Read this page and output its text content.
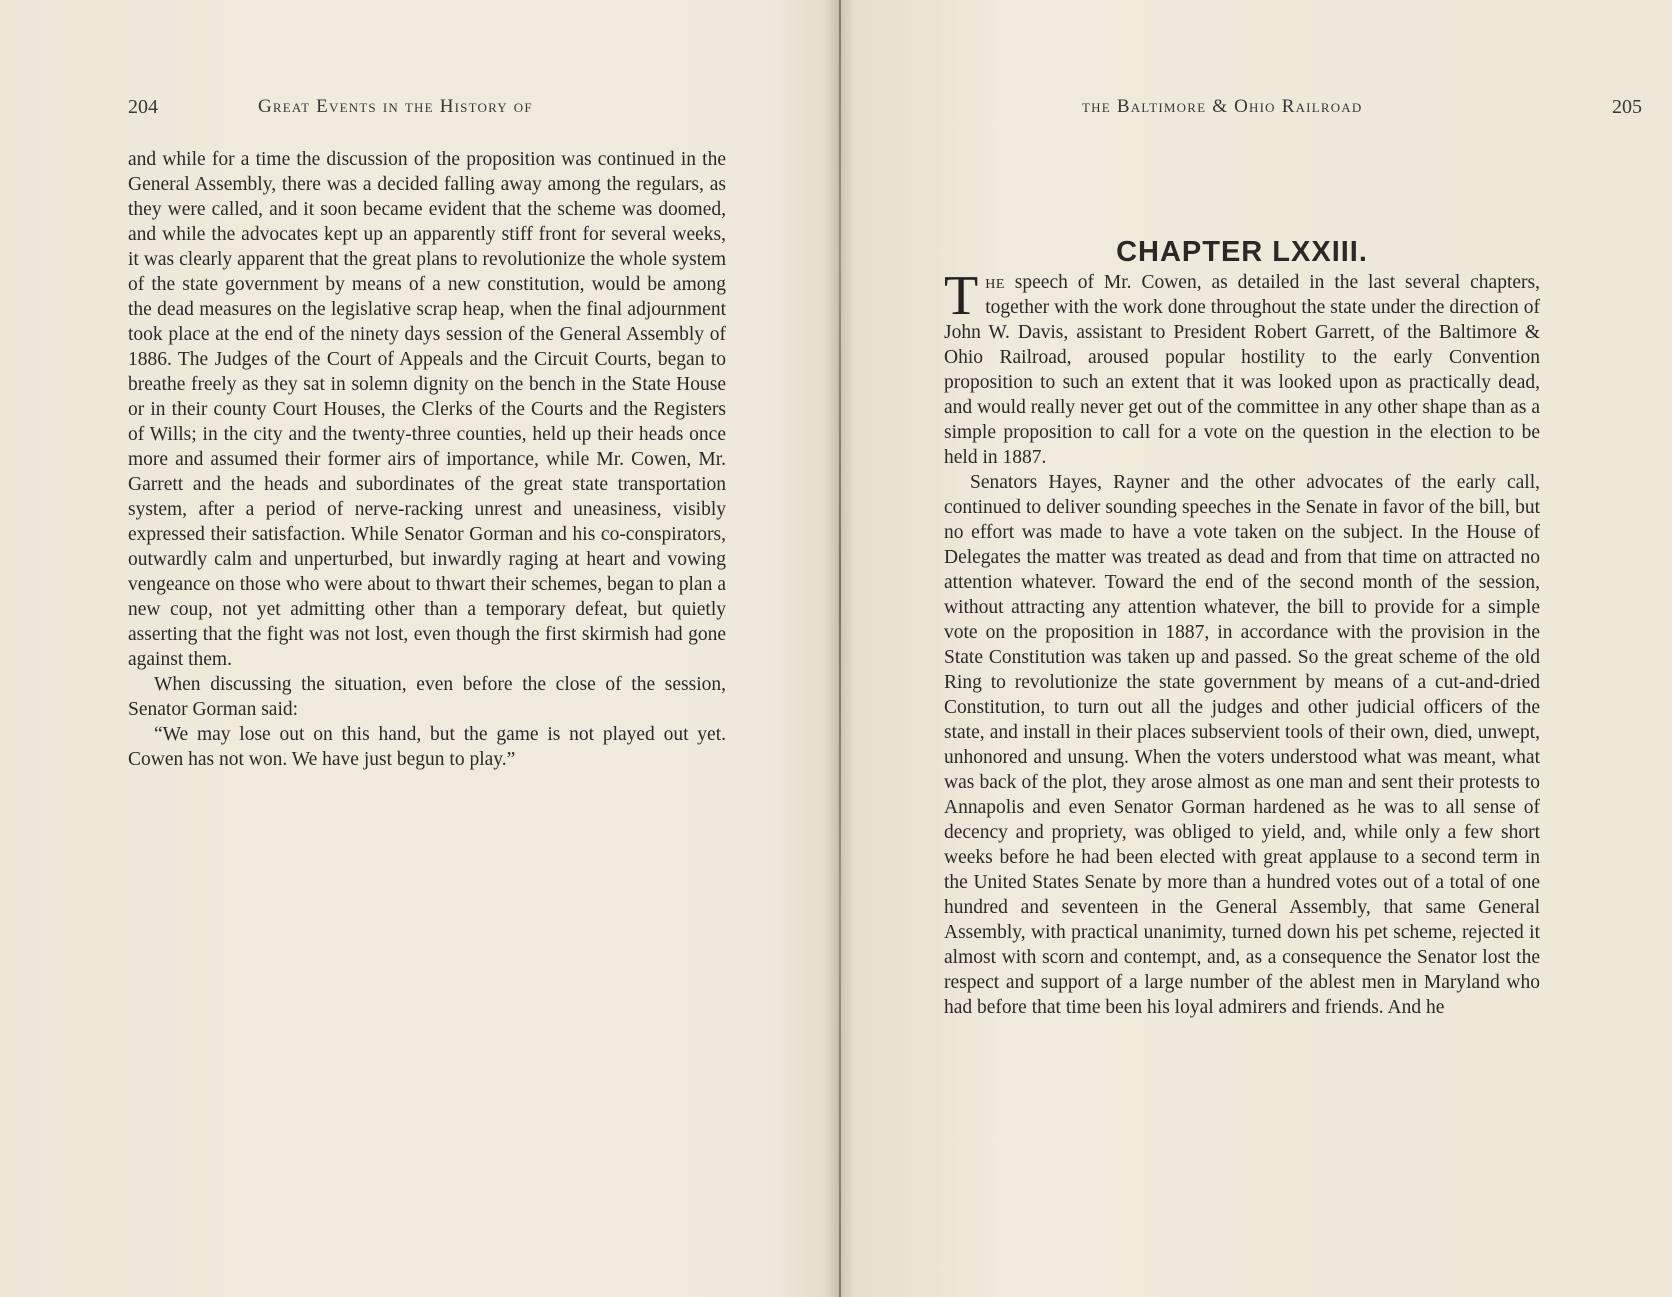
204	Great Events in the History of

and while for a time the discussion of the proposition was continued in the General Assembly, there was a decided falling away among the regulars, as they were called, and it soon became evident that the scheme was doomed, and while the advocates kept up an apparently stiff front for several weeks, it was clearly apparent that the great plans to revolutionize the whole system of the state government by means of a new constitution, would be among the dead measures on the legislative scrap heap, when the final adjournment took place at the end of the ninety days session of the General Assembly of 1886. The Judges of the Court of Appeals and the Circuit Courts, began to breathe freely as they sat in solemn dignity on the bench in the State House or in their county Court Houses, the Clerks of the Courts and the Registers of Wills; in the city and the twenty-three counties, held up their heads once more and assumed their former airs of importance, while Mr. Cowen, Mr. Garrett and the heads and subordinates of the great state transportation system, after a period of nerve-racking unrest and uneasiness, visibly expressed their satisfaction. While Senator Gorman and his co-conspirators, outwardly calm and unperturbed, but inwardly raging at heart and vowing vengeance on those who were about to thwart their schemes, began to plan a new coup, not yet admitting other than a temporary defeat, but quietly asserting that the fight was not lost, even though the first skirmish had gone against them.

When discussing the situation, even before the close of the session, Senator Gorman said:

“We may lose out on this hand, but the game is not played out yet. Cowen has not won. We have just begun to play.”

the Baltimore & Ohio Railroad	205
CHAPTER LXXIII.

T he speech of Mr. Cowen, as detailed in the last several chapters, together with the work done throughout the state under the direction of John W. Davis, assistant to President Robert Garrett, of the Baltimore & Ohio Railroad, aroused popular hostility to the early Convention proposition to such an extent that it was looked upon as practically dead, and would really never get out of the committee in any other shape than as a simple proposition to call for a vote on the question in the election to be held in 1887.

Senators Hayes, Rayner and the other advocates of the early call, continued to deliver sounding speeches in the Senate in favor of the bill, but no effort was made to have a vote taken on the subject. In the House of Delegates the matter was treated as dead and from that time on attracted no attention whatever. Toward the end of the second month of the session, without attracting any attention whatever, the bill to provide for a simple vote on the proposition in 1887, in accordance with the provision in the State Constitution was taken up and passed. So the great scheme of the old Ring to revolutionize the state government by means of a cut-and-dried Constitution, to turn out all the judges and other judicial officers of the state, and install in their places subservient tools of their own, died, unwept, unhonored and unsung. When the voters understood what was meant, what was back of the plot, they arose almost as one man and sent their protests to Annapolis and even Senator Gorman hardened as he was to all sense of decency and propriety, was obliged to yield, and, while only a few short weeks before he had been elected with great applause to a second term in the United States Senate by more than a hundred votes out of a total of one hundred and seventeen in the General Assembly, that same General Assembly, with practical unanimity, turned down his pet scheme, rejected it almost with scorn and contempt, and, as a consequence the Senator lost the respect and support of a large number of the ablest men in Maryland who had before that time been his loyal admirers and friends. And he
